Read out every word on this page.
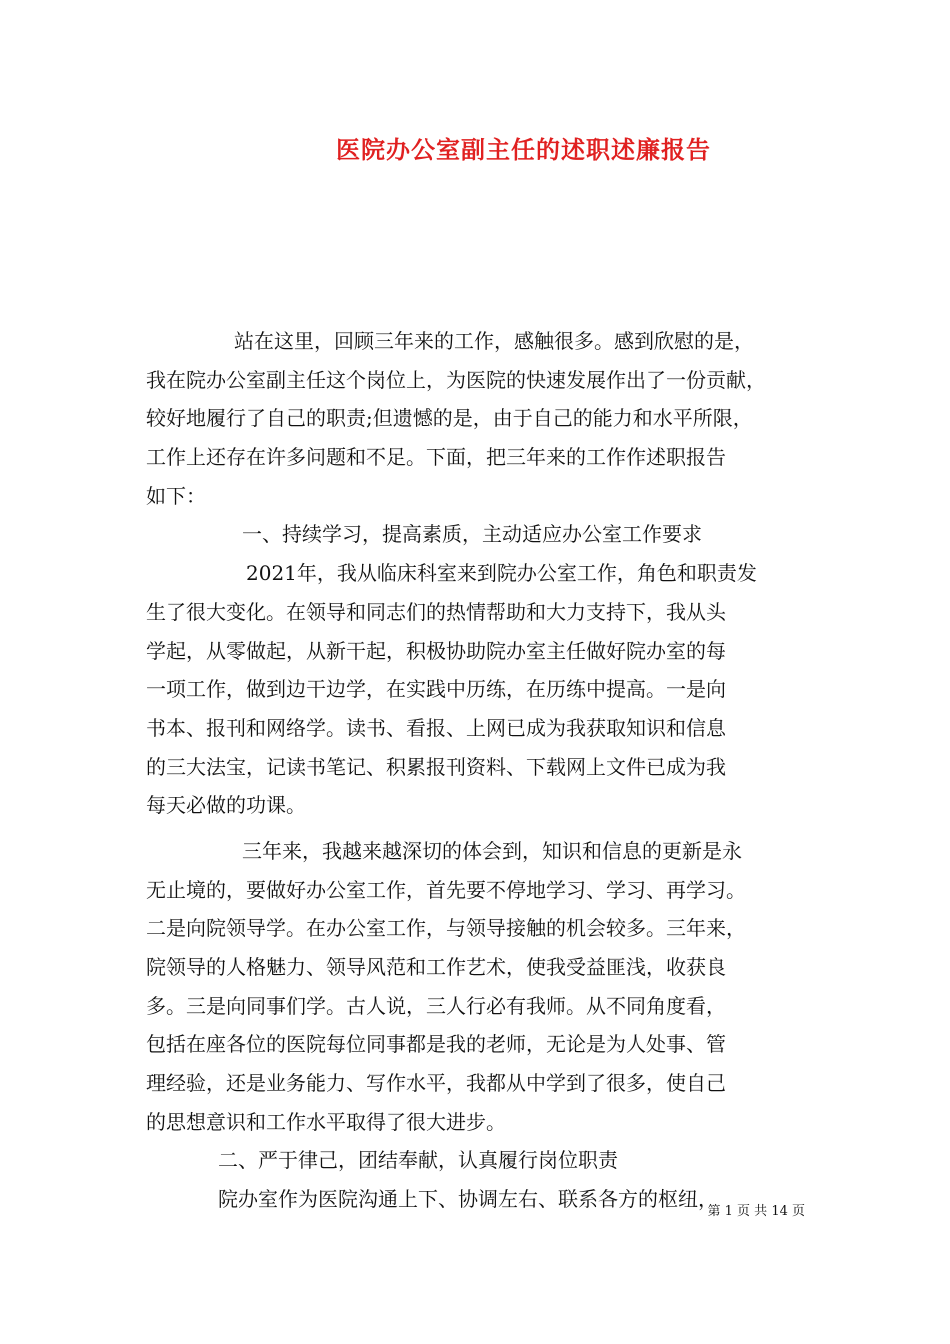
医院办公室副主任的述职述廉报告
站在这里，回顾三年来的工作，感触很多。感到欣慰的是，
我在院办公室副主任这个岗位上，为医院的快速发展作出了一份贡献，
较好地履行了自己的职责;但遗憾的是，由于自己的能力和水平所限，
工作上还存在许多问题和不足。下面，把三年来的工作作述职报告
如下：
一、持续学习，提高素质，主动适应办公室工作要求
2021年，我从临床科室来到院办公室工作，角色和职责发
生了很大变化。在领导和同志们的热情帮助和大力支持下，我从头
学起，从零做起，从新干起，积极协助院办室主任做好院办室的每
一项工作，做到边干边学，在实践中历练，在历练中提高。一是向
书本、报刊和网络学。读书、看报、上网已成为我获取知识和信息
的三大法宝，记读书笔记、积累报刊资料、下载网上文件已成为我
每天必做的功课。
三年来，我越来越深切的体会到，知识和信息的更新是永
无止境的，要做好办公室工作，首先要不停地学习、学习、再学习。
二是向院领导学。在办公室工作，与领导接触的机会较多。三年来，
院领导的人格魅力、领导风范和工作艺术，使我受益匪浅，收获良
多。三是向同事们学。古人说，三人行必有我师。从不同角度看，
包括在座各位的医院每位同事都是我的老师，无论是为人处事、管
理经验，还是业务能力、写作水平，我都从中学到了很多，使自己
的思想意识和工作水平取得了很大进步。
二、严于律己，团结奉献，认真履行岗位职责
院办室作为医院沟通上下、协调左右、联系各方的枢纽，
第 1 页 共 14 页
